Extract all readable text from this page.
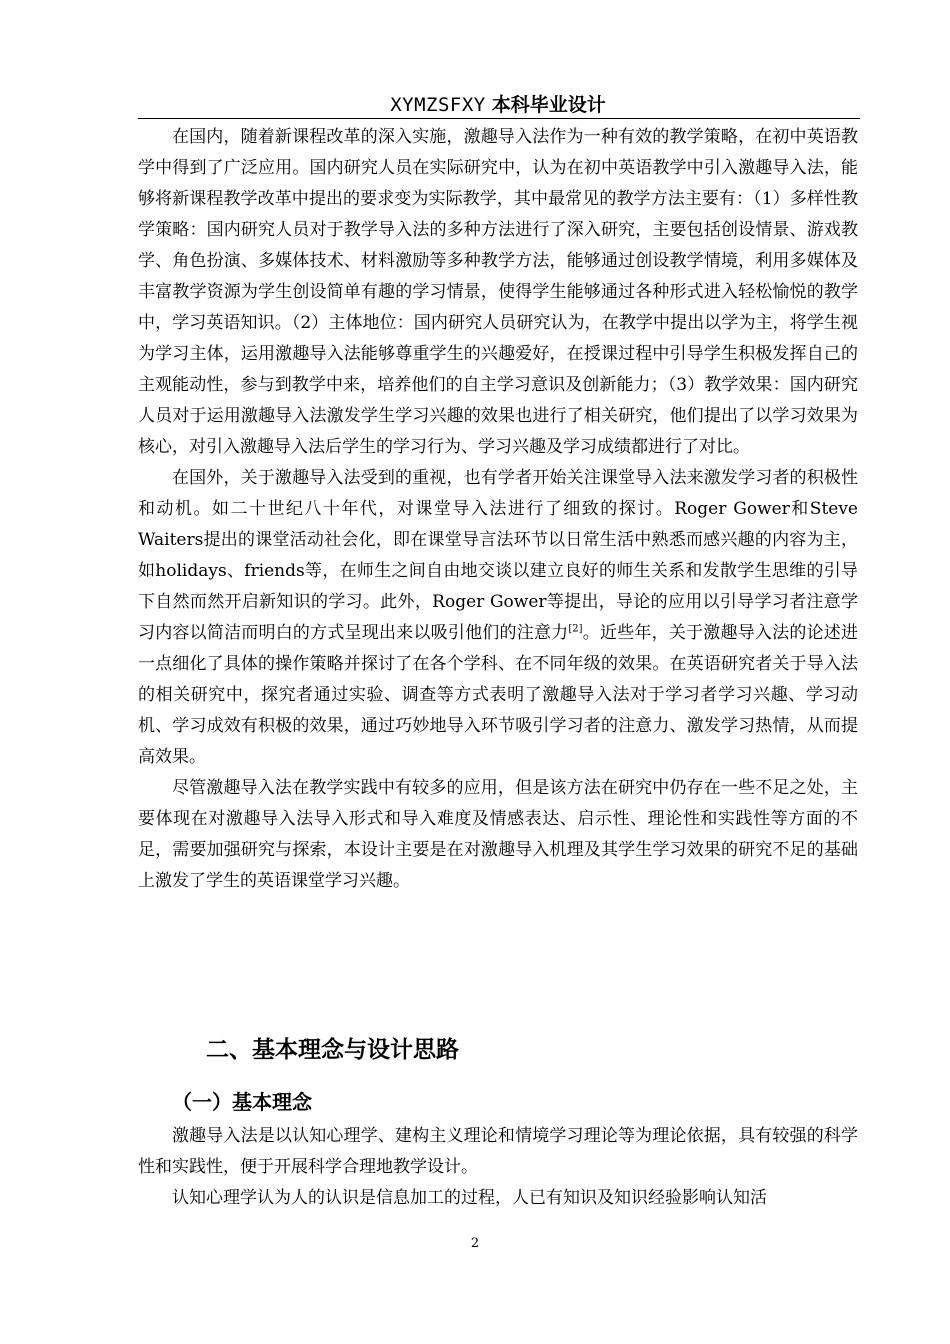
XYMZSFXY 本科毕业设计

在国内，随着新课程改革的深入实施，激趣导入法作为一种有效的教学策略，在初中英语教学中得到了广泛应用。国内研究人员在实际研究中，认为在初中英语教学中引入激趣导入法，能够将新课程教学改革中提出的要求变为实际教学，其中最常见的教学方法主要有：（1）多样性教学策略：国内研究人员对于教学导入法的多种方法进行了深入研究，主要包括创设情景、游戏教学、角色扮演、多媒体技术、材料激励等多种教学方法，能够通过创设教学情境，利用多媒体及丰富教学资源为学生创设简单有趣的学习情景，使得学生能够通过各种形式进入轻松愉悦的教学中，学习英语知识。（2）主体地位：国内研究人员研究认为，在教学中提出以学为主，将学生视为学习主体，运用激趣导入法能够尊重学生的兴趣爱好，在授课过程中引导学生积极发挥自己的主观能动性，参与到教学中来，培养他们的自主学习意识及创新能力；（3）教学效果：国内研究人员对于运用激趣导入法激发学生学习兴趣的效果也进行了相关研究，他们提出了以学习效果为核心，对引入激趣导入法后学生的学习行为、学习兴趣及学习成绩都进行了对比。

在国外，关于激趣导入法受到的重视，也有学者开始关注课堂导入法来激发学习者的积极性和动机。如二十世纪八十年代，对课堂导入法进行了细致的探讨。Roger Gower和Steve Waiters提出的课堂活动社会化，即在课堂导言法环节以日常生活中熟悉而感兴趣的内容为主，如holidays、friends等，在师生之间自由地交谈以建立良好的师生关系和发散学生思维的引导下自然而然开启新知识的学习。此外，Roger Gower等提出，导论的应用以引导学习者注意学习内容以简洁而明白的方式呈现出来以吸引他们的注意力[2]。近些年，关于激趣导入法的论述进一点细化了具体的操作策略并探讨了在各个学科、在不同年级的效果。在英语研究者关于导入法的相关研究中，探究者通过实验、调查等方式表明了激趣导入法对于学习者学习兴趣、学习动机、学习成效有积极的效果，通过巧妙地导入环节吸引学习者的注意力、激发学习热情，从而提高效果。

尽管激趣导入法在教学实践中有较多的应用，但是该方法在研究中仍存在一些不足之处，主要体现在对激趣导入法导入形式和导入难度及情感表达、启示性、理论性和实践性等方面的不足，需要加强研究与探索，本设计主要是在对激趣导入机理及其学生学习效果的研究不足的基础上激发了学生的英语课堂学习兴趣。

二、基本理念与设计思路
（一）基本理念

激趣导入法是以认知心理学、建构主义理论和情境学习理论等为理论依据，具有较强的科学性和实践性，便于开展科学合理地教学设计。

认知心理学认为人的认识是信息加工的过程，人已有知识及知识经验影响认知活

2
